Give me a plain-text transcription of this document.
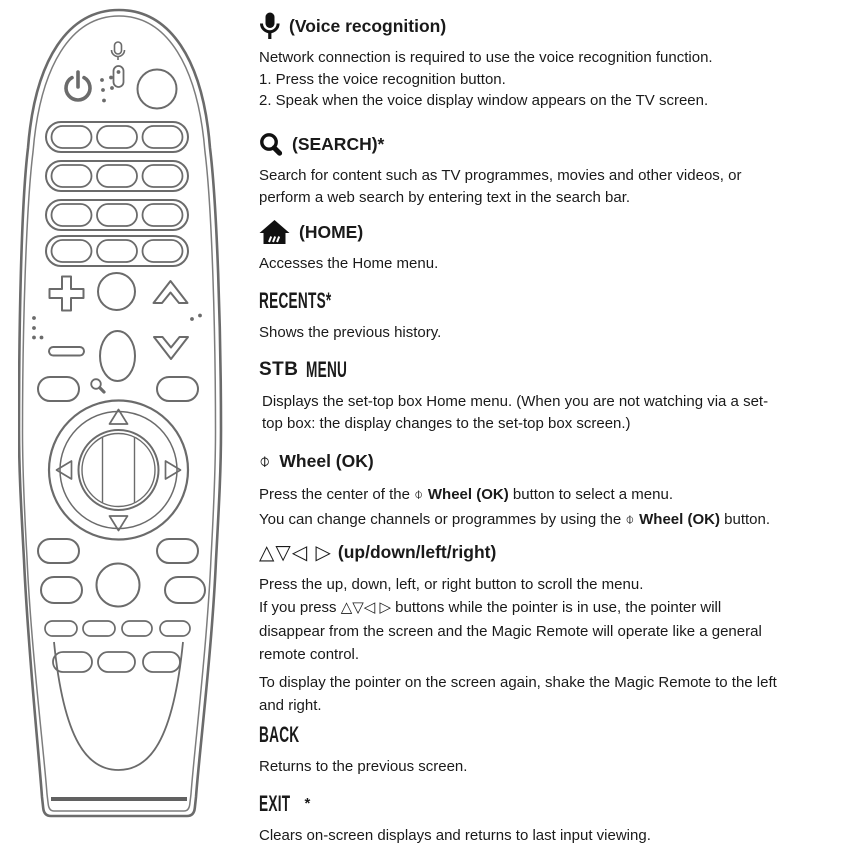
(Voice recognition)
Network connection is required to use the voice recognition function.
1. Press the voice recognition button.
2. Speak when the voice display window appears on the TV screen.
(SEARCH)*
Search for content such as TV programmes, movies and other videos, or
perform a web search by entering text in the search bar.
(HOME)
Accesses the Home menu.
RECENTS*
Shows the previous history.
STB MENU
Displays the set-top box Home menu. (When you are not watching via a set-
top box: the display changes to the set-top box screen.)
⌽ Wheel (OK)
Press the center of the ⌽ Wheel (OK) button to select a menu.
You can change channels or programmes by using the ⌽ Wheel (OK) button.
△▽◁ ▷ (up/down/left/right)
Press the up, down, left, or right button to scroll the menu.
If you press △▽◁ ▷ buttons while the pointer is in use, the pointer will
disappear from the screen and the Magic Remote will operate like a general
remote control.
To display the pointer on the screen again, shake the Magic Remote to the left
and right.
BACK
Returns to the previous screen.
EXIT *
Clears on-screen displays and returns to last input viewing.
